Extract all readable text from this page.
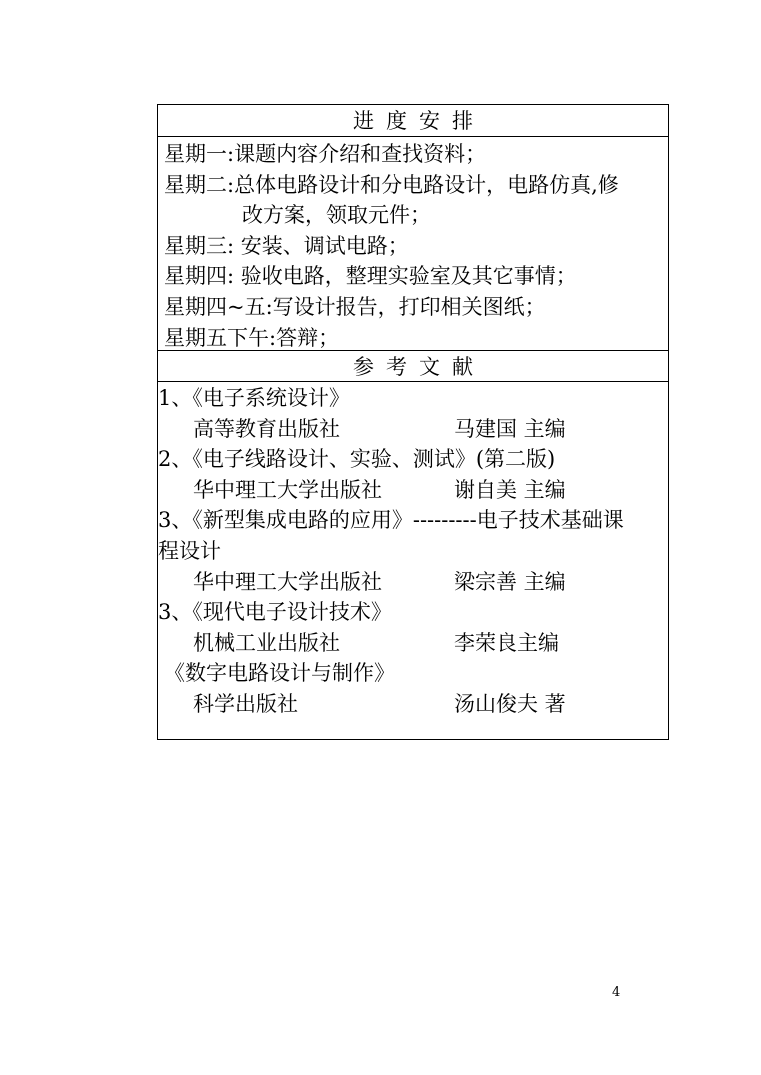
进度安排
星期一:课题内容介绍和查找资料；
星期二:总体电路设计和分电路设计，电路仿真,修
改方案，领取元件；
星期三: 安装、调试电路；
星期四: 验收电路，整理实验室及其它事情；
星期四~五:写设计报告，打印相关图纸；
星期五下午:答辩；
参考文献
1、《电子系统设计》
高等教育出版社	马建国 主编
2、《电子线路设计、实验、测试》(第二版)
华中理工大学出版社	谢自美 主编
3、《新型集成电路的应用》---------电子技术基础课
程设计
华中理工大学出版社	梁宗善 主编
3、《现代电子设计技术》
机械工业出版社	李荣良主编
《数字电路设计与制作》
科学出版社	汤山俊夫 著
4
